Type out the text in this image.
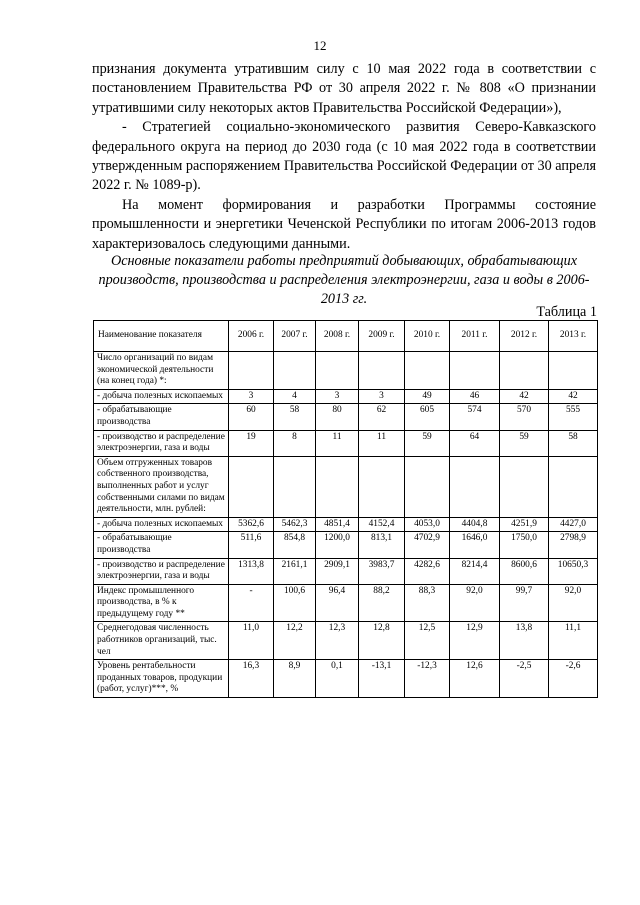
12

признания документа утратившим силу с 10 мая 2022 года в соответствии с постановлением Правительства РФ от 30 апреля 2022 г. № 808 «О признании утратившими силу некоторых актов Правительства Российской Федерации»),

- Стратегией социально-экономического развития Северо-Кавказского федерального округа на период до 2030 года (с 10 мая 2022 года в соответствии утвержденным распоряжением Правительства Российской Федерации от 30 апреля 2022 г. № 1089-р).

На момент формирования и разработки Программы состояние промышленности и энергетики Чеченской Республики по итогам 2006-2013 годов характеризовалось следующими данными.

Основные показатели работы предприятий добывающих, обрабатывающих производств, производства и распределения электроэнергии, газа и воды в 2006-2013 гг.
Таблица 1
Наименование показателя	2006 г.	2007 г.	2008 г.	2009 г.	2010 г.	2011 г.	2012 г.	2013 г.
Число организаций по видам экономической деятельности (на конец года) *:								
- добыча полезных ископаемых	3	4	3	3	49	46	42	42
- обрабатывающие производства	60	58	80	62	605	574	570	555
- производство и распределение электроэнергии, газа и воды	19	8	11	11	59	64	59	58
Объем отгруженных товаров собственного производства, выполненных работ и услуг собственными силами по видам деятельности, млн. рублей:								
- добыча полезных ископаемых	5362,6	5462,3	4851,4	4152,4	4053,0	4404,8	4251,9	4427,0
- обрабатывающие производства	511,6	854,8	1200,0	813,1	4702,9	1646,0	1750,0	2798,9
- производство и распределение электроэнергии, газа и воды	1313,8	2161,1	2909,1	3983,7	4282,6	8214,4	8600,6	10650,3
Индекс промышленного производства, в % к предыдущему году **	-	100,6	96,4	88,2	88,3	92,0	99,7	92,0
Среднегодовая численность работников организаций, тыс. чел	11,0	12,2	12,3	12,8	12,5	12,9	13,8	11,1
Уровень рентабельности проданных товаров, продукции (работ, услуг)***, %	16,3	8,9	0,1	-13,1	-12,3	12,6	-2,5	-2,6
